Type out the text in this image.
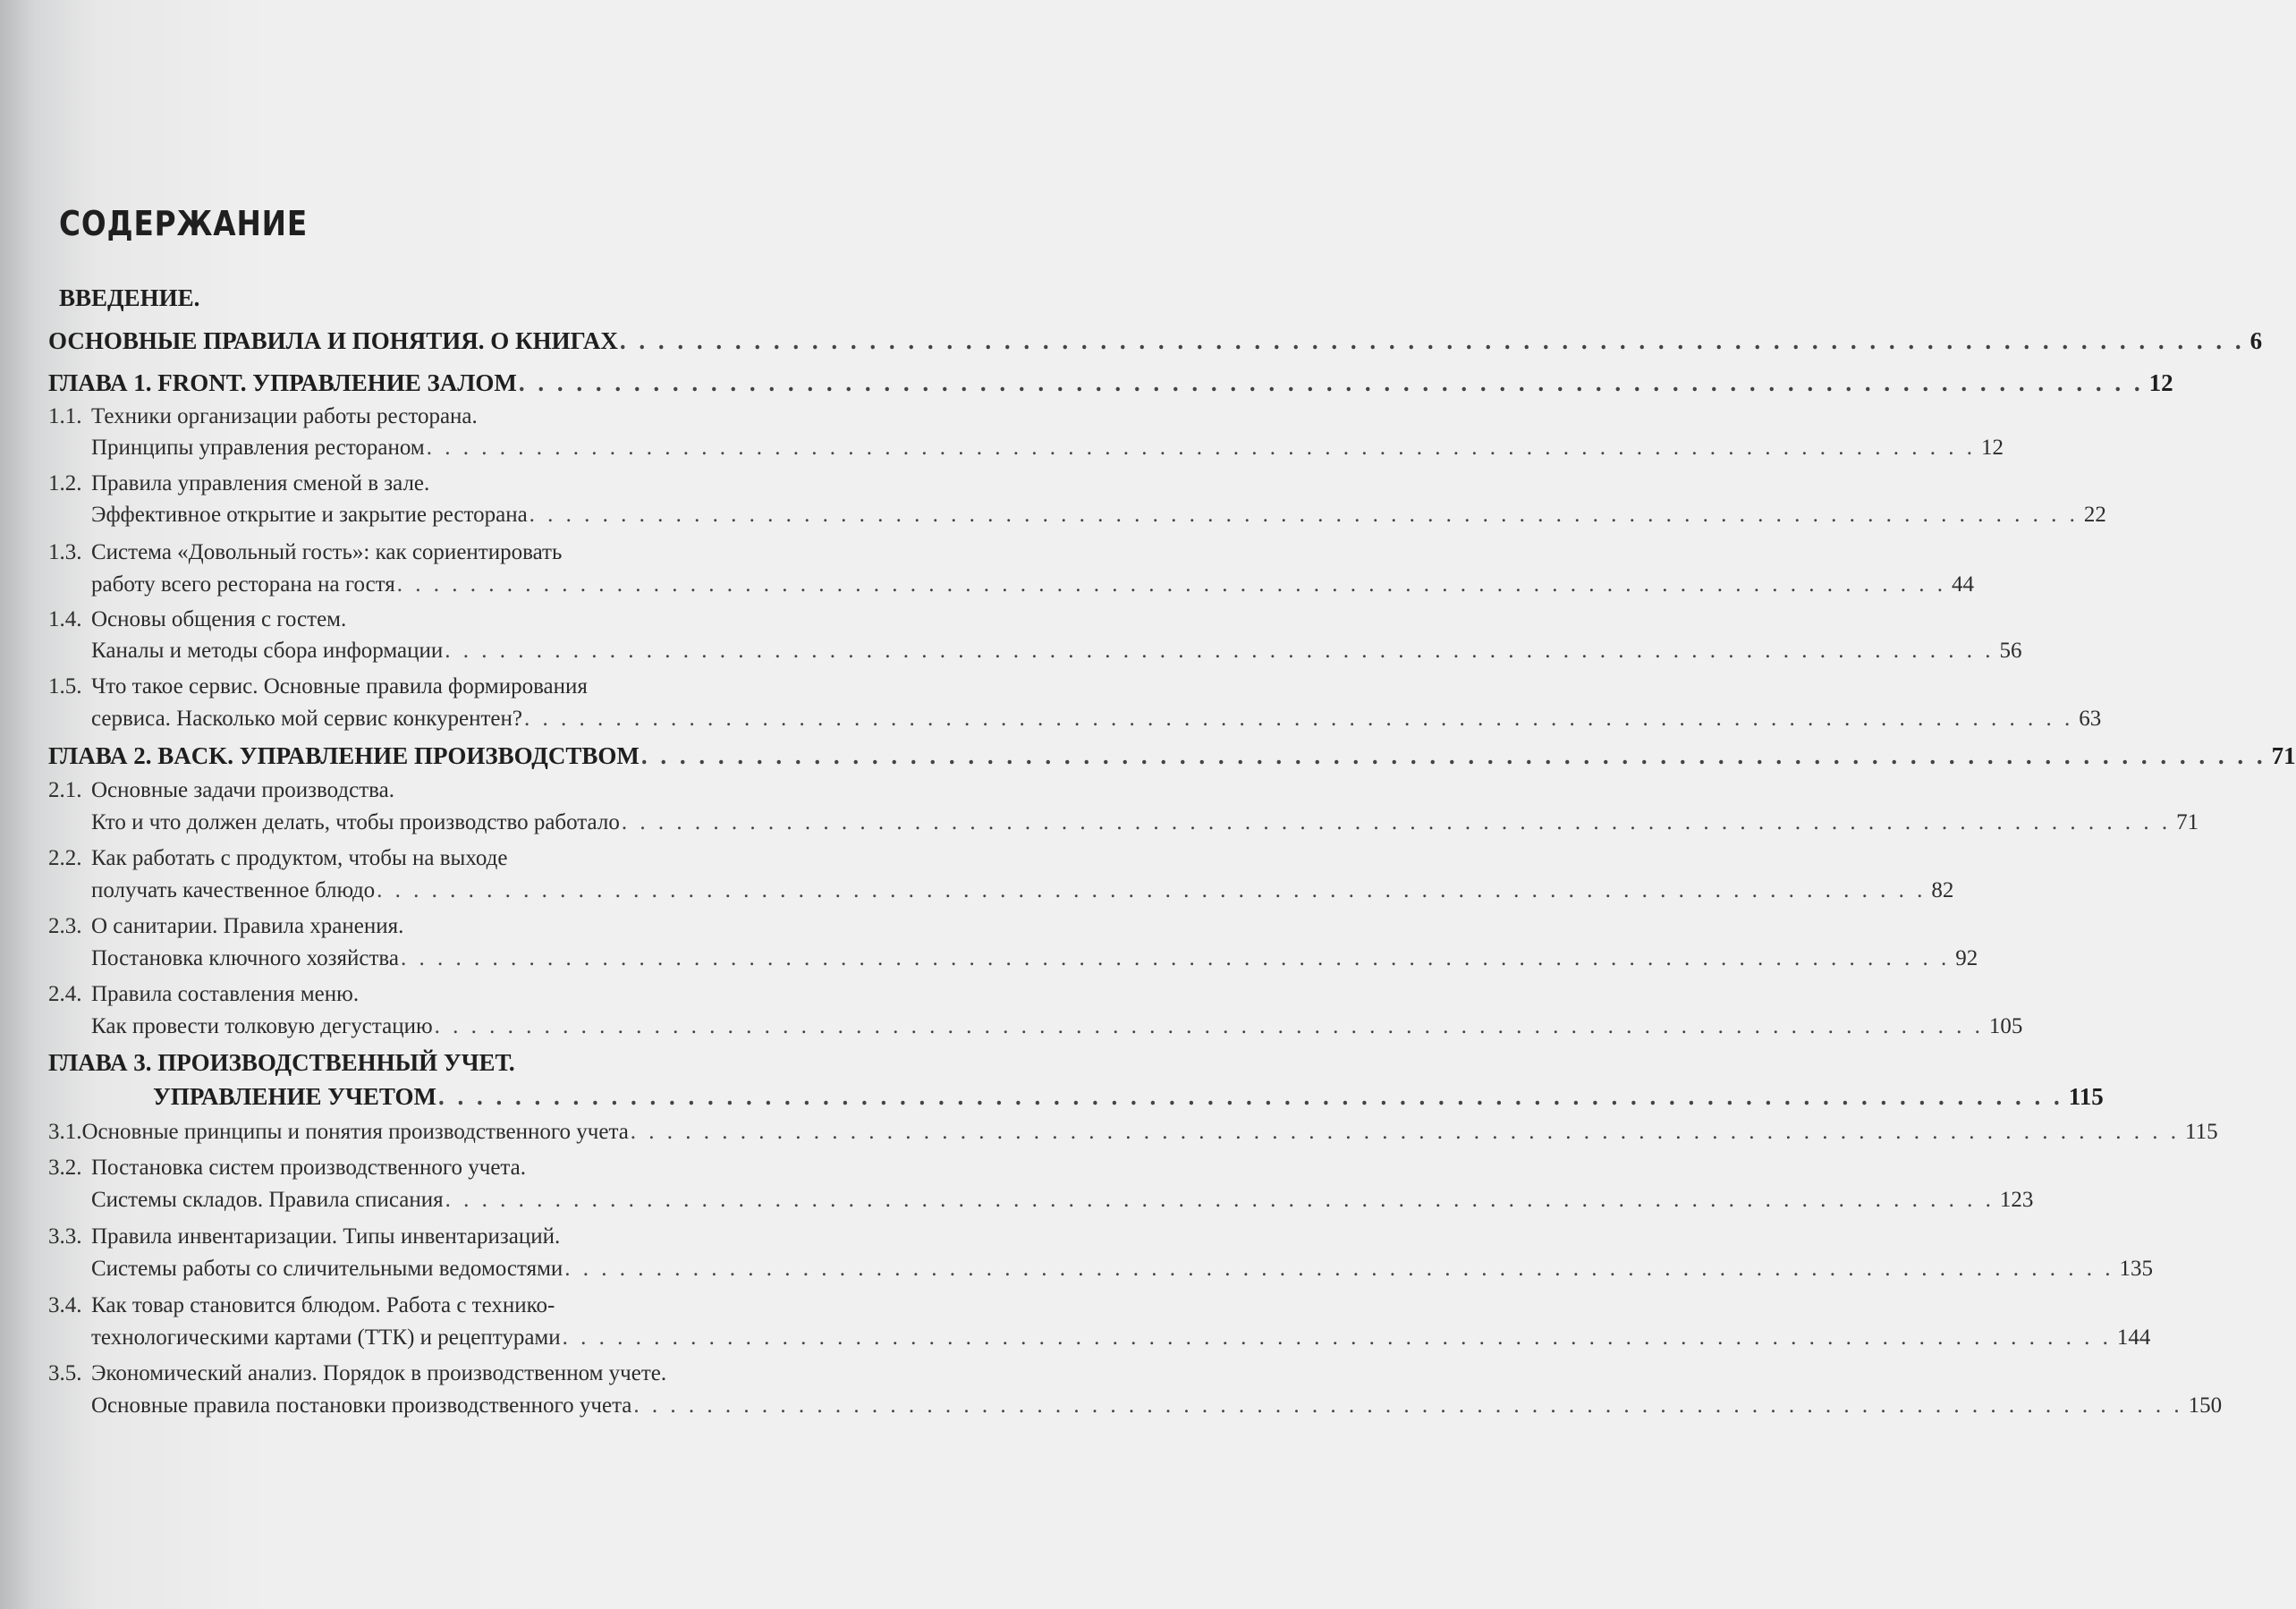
СОДЕРЖАНИЕ
ВВЕДЕНИЕ.
ОСНОВНЫЕ ПРАВИЛА И ПОНЯТИЯ. О КНИГАХ . . . . . . . . . . . . . . . . . . . . . . . . . . . . . . . . . . . . . . . . . . . . . . . . . . . . . . . . . . . . . . . . . . . . . . . . . . . . . . . . . . . . . 6
ГЛАВА 1. FRONT. УПРАВЛЕНИЕ ЗАЛОМ . . . . . . . . . . . . . . . . . . . . . . . . . . . . . . . . . . . . . . . . . . . . . . . . . . . . . . . . . . . . . . . . . . . . . . . . . . . . . . . . . . . . . 12
1.1. Техники организации работы ресторана.
Принципы управления рестораном . . . . . . . . . . . . . . . . . . . . . . . . . . . . . . . . . . . . . . . . . . . . . . . . . . . . . . . . . . . . . . . . . . . . . . . . . . . . . . . . . . . . . 12
1.2. Правила управления сменой в зале.
Эффективное открытие и закрытие ресторана . . . . . . . . . . . . . . . . . . . . . . . . . . . . . . . . . . . . . . . . . . . . . . . . . . . . . . . . . . . . . . . . . . . . . . . . . . . . . . . . . . . . . 22
1.3. Система «Довольный гость»: как сориентировать
работу всего ресторана на гостя . . . . . . . . . . . . . . . . . . . . . . . . . . . . . . . . . . . . . . . . . . . . . . . . . . . . . . . . . . . . . . . . . . . . . . . . . . . . . . . . . . . . . 44
1.4. Основы общения с гостем.
Каналы и методы сбора информации . . . . . . . . . . . . . . . . . . . . . . . . . . . . . . . . . . . . . . . . . . . . . . . . . . . . . . . . . . . . . . . . . . . . . . . . . . . . . . . . . . . . . 56
1.5. Что такое сервис. Основные правила формирования
сервиса. Насколько мой сервис конкурентен? . . . . . . . . . . . . . . . . . . . . . . . . . . . . . . . . . . . . . . . . . . . . . . . . . . . . . . . . . . . . . . . . . . . . . . . . . . . . . . . . . . . . . 63
ГЛАВА 2. BACK. УПРАВЛЕНИЕ ПРОИЗВОДСТВОМ . . . . . . . . . . . . . . . . . . . . . . . . . . . . . . . . . . . . . . . . . . . . . . . . . . . . . . . . . . . . . . . . . . . . . . . . . . . . . . . . . . . . . 71
2.1. Основные задачи производства.
Кто и что должен делать, чтобы производство работало . . . . . . . . . . . . . . . . . . . . . . . . . . . . . . . . . . . . . . . . . . . . . . . . . . . . . . . . . . . . . . . . . . . . . . . . . . . . . . . . . . . . . 71
2.2. Как работать с продуктом, чтобы на выходе
получать качественное блюдо . . . . . . . . . . . . . . . . . . . . . . . . . . . . . . . . . . . . . . . . . . . . . . . . . . . . . . . . . . . . . . . . . . . . . . . . . . . . . . . . . . . . . 82
2.3. О санитарии. Правила хранения.
Постановка ключного хозяйства . . . . . . . . . . . . . . . . . . . . . . . . . . . . . . . . . . . . . . . . . . . . . . . . . . . . . . . . . . . . . . . . . . . . . . . . . . . . . . . . . . . . . 92
2.4. Правила составления меню.
Как провести толковую дегустацию . . . . . . . . . . . . . . . . . . . . . . . . . . . . . . . . . . . . . . . . . . . . . . . . . . . . . . . . . . . . . . . . . . . . . . . . . . . . . . . . . . . . . 105
ГЛАВА 3. ПРОИЗВОДСТВЕННЫЙ УЧЕТ.
УПРАВЛЕНИЕ УЧЕТОМ . . . . . . . . . . . . . . . . . . . . . . . . . . . . . . . . . . . . . . . . . . . . . . . . . . . . . . . . . . . . . . . . . . . . . . . . . . . . . . . . . . . . . 115
3.1. Основные принципы и понятия производственного учета . . . . . . . . . . . . . . . . . . . . . . . . . . . . . . . . . . . . . . . . . . . . . . . . . . . . . . . . . . . . . . . . . . . . . . . . . . . . . . . . . . . . . 115
3.2. Постановка систем производственного учета.
Системы складов. Правила списания . . . . . . . . . . . . . . . . . . . . . . . . . . . . . . . . . . . . . . . . . . . . . . . . . . . . . . . . . . . . . . . . . . . . . . . . . . . . . . . . . . . . . 123
3.3. Правила инвентаризации. Типы инвентаризаций.
Системы работы со сличительными ведомостями . . . . . . . . . . . . . . . . . . . . . . . . . . . . . . . . . . . . . . . . . . . . . . . . . . . . . . . . . . . . . . . . . . . . . . . . . . . . . . . . . . . . . 135
3.4. Как товар становится блюдом. Работа с технико-
технологическими картами (ТТК) и рецептурами . . . . . . . . . . . . . . . . . . . . . . . . . . . . . . . . . . . . . . . . . . . . . . . . . . . . . . . . . . . . . . . . . . . . . . . . . . . . . . . . . . . . . 144
3.5. Экономический анализ. Порядок в производственном учете.
Основные правила постановки производственного учета . . . . . . . . . . . . . . . . . . . . . . . . . . . . . . . . . . . . . . . . . . . . . . . . . . . . . . . . . . . . . . . . . . . . . . . . . . . . . . . . . . . . . 150
